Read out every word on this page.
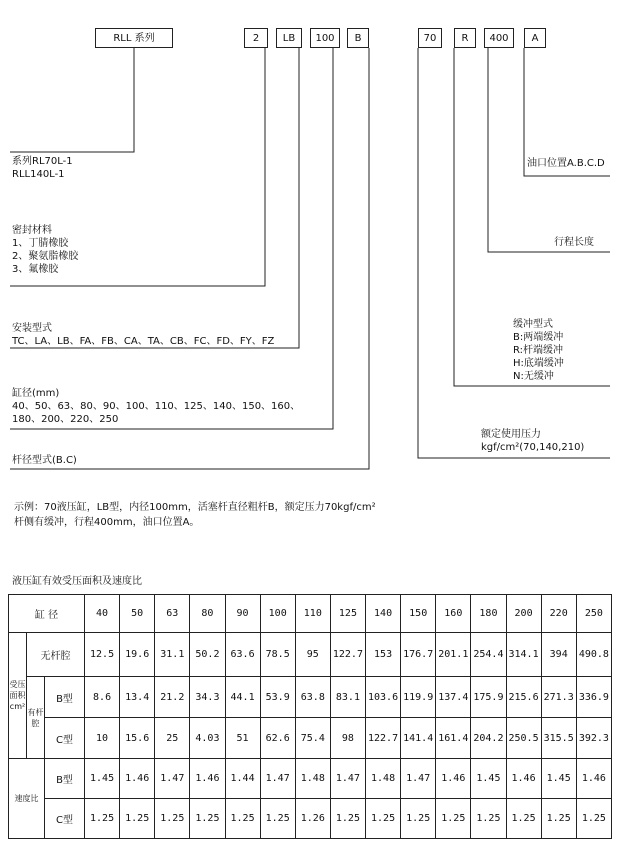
RLL 系列	2	LB	100	B	70	R	400	A
系列RL70L-1
RLL140L-1
密封材料
1、丁腈橡胶
2、聚氨脂橡胶
3、氟橡胶
安装型式
TC、LA、LB、FA、FB、CA、TA、CB、FC、FD、FY、FZ
缸径(mm)
40、50、63、80、90、100、110、125、140、150、160、
180、200、220、250
杆径型式(B.C)
油口位置A.B.C.D
行程长度
缓冲型式
B:两端缓冲
R:杆端缓冲
H:底端缓冲
N:无缓冲
额定使用压力
kgf/cm²(70,140,210)
示例：70液压缸，LB型，内径100mm，活塞杆直径粗杆B，额定压力70kgf/cm²
杆侧有缓冲，行程400mm，油口位置A。
液压缸有效受压面积及速度比
缸 径			40	50	63	80	90	100	110	125	140	150	160	180	200	220	250
受压面积cm²	无杆腔		12.5	19.6	31.1	50.2	63.6	78.5	95	122.7	153	176.7	201.1	254.4	314.1	394	490.8
	有杆腔	B型	8.6	13.4	21.2	34.3	44.1	53.9	63.8	83.1	103.6	119.9	137.4	175.9	215.6	271.3	336.9
		C型	10	15.6	25	4.03	51	62.6	75.4	98	122.7	141.4	161.4	204.2	250.5	315.5	392.3
速度比		B型	1.45	1.46	1.47	1.46	1.44	1.47	1.48	1.47	1.48	1.47	1.46	1.45	1.46	1.45	1.46
		C型	1.25	1.25	1.25	1.25	1.25	1.25	1.26	1.25	1.25	1.25	1.25	1.25	1.25	1.25	1.25
